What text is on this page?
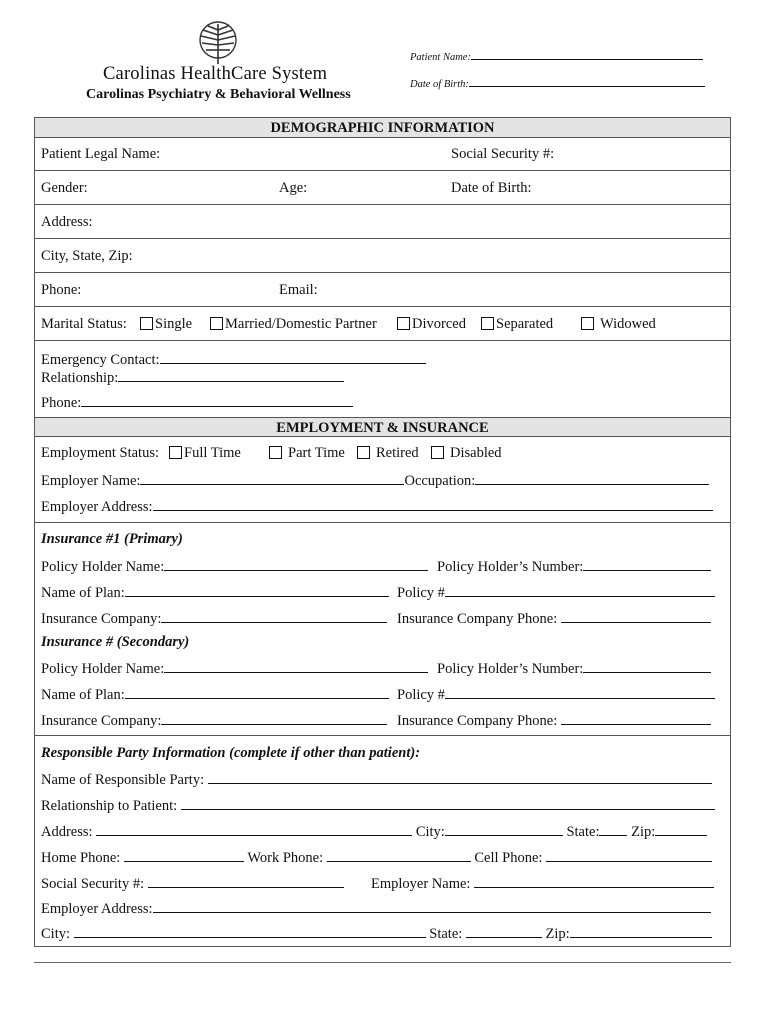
Carolinas HealthCare System
Carolinas Psychiatry & Behavioral Wellness
Patient Name:
Date of Birth:
DEMOGRAPHIC INFORMATION
Patient Legal Name:	Social Security #:
Gender:	Age:	Date of Birth:
Address:
City, State, Zip:
Phone:	Email:
Marital Status:	Single	Married/Domestic Partner	Divorced	Separated	Widowed
Emergency Contact:
Relationship:
Phone:
EMPLOYMENT & INSURANCE
Employment Status:	Full Time	Part Time	Retired	Disabled
Employer Name:	Occupation:
Employer Address:
Insurance #1 (Primary)
Policy Holder Name:	Policy Holder’s Number:
Name of Plan:	Policy #
Insurance Company:	Insurance Company Phone:
Insurance # (Secondary)
Policy Holder Name:	Policy Holder’s Number:
Name of Plan:	Policy #
Insurance Company:	Insurance Company Phone:
Responsible Party Information (complete if other than patient):
Name of Responsible Party:
Relationship to Patient:
Address:	City:	State: Zip:
Home Phone:	Work Phone:	Cell Phone:
Social Security #:	Employer Name:
Employer Address:
City:	State:	Zip:
